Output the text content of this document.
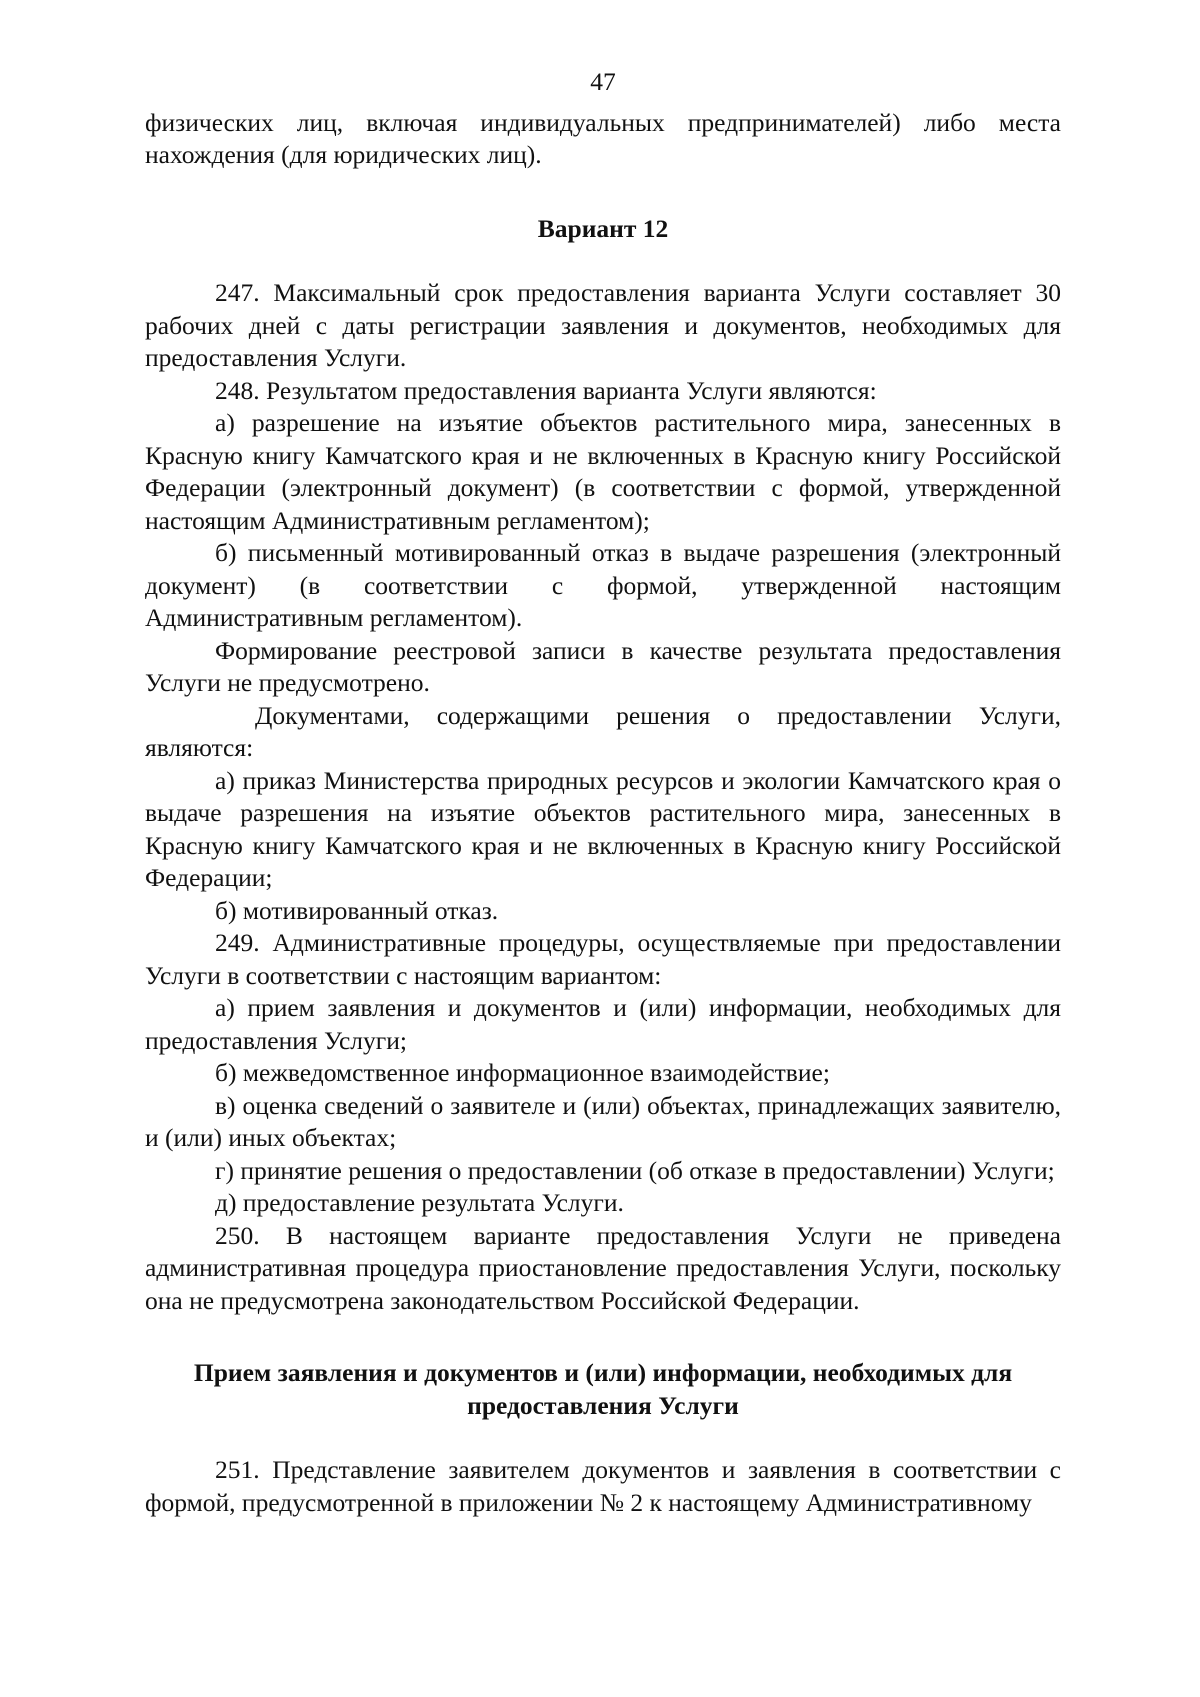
47

физических лиц, включая индивидуальных предпринимателей) либо места нахождения (для юридических лиц).

Вариант 12

247. Максимальный срок предоставления варианта Услуги составляет 30 рабочих дней с даты регистрации заявления и документов, необходимых для предоставления Услуги.

248. Результатом предоставления варианта Услуги являются:

а) разрешение на изъятие объектов растительного мира, занесенных в Красную книгу Камчатского края и не включенных в Красную книгу Российской Федерации (электронный документ) (в соответствии с формой, утвержденной настоящим Административным регламентом);

б) письменный мотивированный отказ в выдаче разрешения (электронный документ) (в соответствии с формой, утвержденной настоящим Административным регламентом).

Формирование реестровой записи в качестве результата предоставления Услуги не предусмотрено.

Документами, содержащими решения о предоставлении Услуги, являются:

а) приказ Министерства природных ресурсов и экологии Камчатского края о выдаче разрешения на изъятие объектов растительного мира, занесенных в Красную книгу Камчатского края и не включенных в Красную книгу Российской Федерации;

б) мотивированный отказ.

249. Административные процедуры, осуществляемые при предоставлении Услуги в соответствии с настоящим вариантом:

а) прием заявления и документов и (или) информации, необходимых для предоставления Услуги;

б) межведомственное информационное взаимодействие;

в) оценка сведений о заявителе и (или) объектах, принадлежащих заявителю, и (или) иных объектах;

г) принятие решения о предоставлении (об отказе в предоставлении) Услуги;

д) предоставление результата Услуги.

250. В настоящем варианте предоставления Услуги не приведена административная процедура приостановление предоставления Услуги, поскольку она не предусмотрена законодательством Российской Федерации.

Прием заявления и документов и (или) информации, необходимых для
предоставления Услуги

251. Представление заявителем документов и заявления в соответствии с формой, предусмотренной в приложении № 2 к настоящему Административному
